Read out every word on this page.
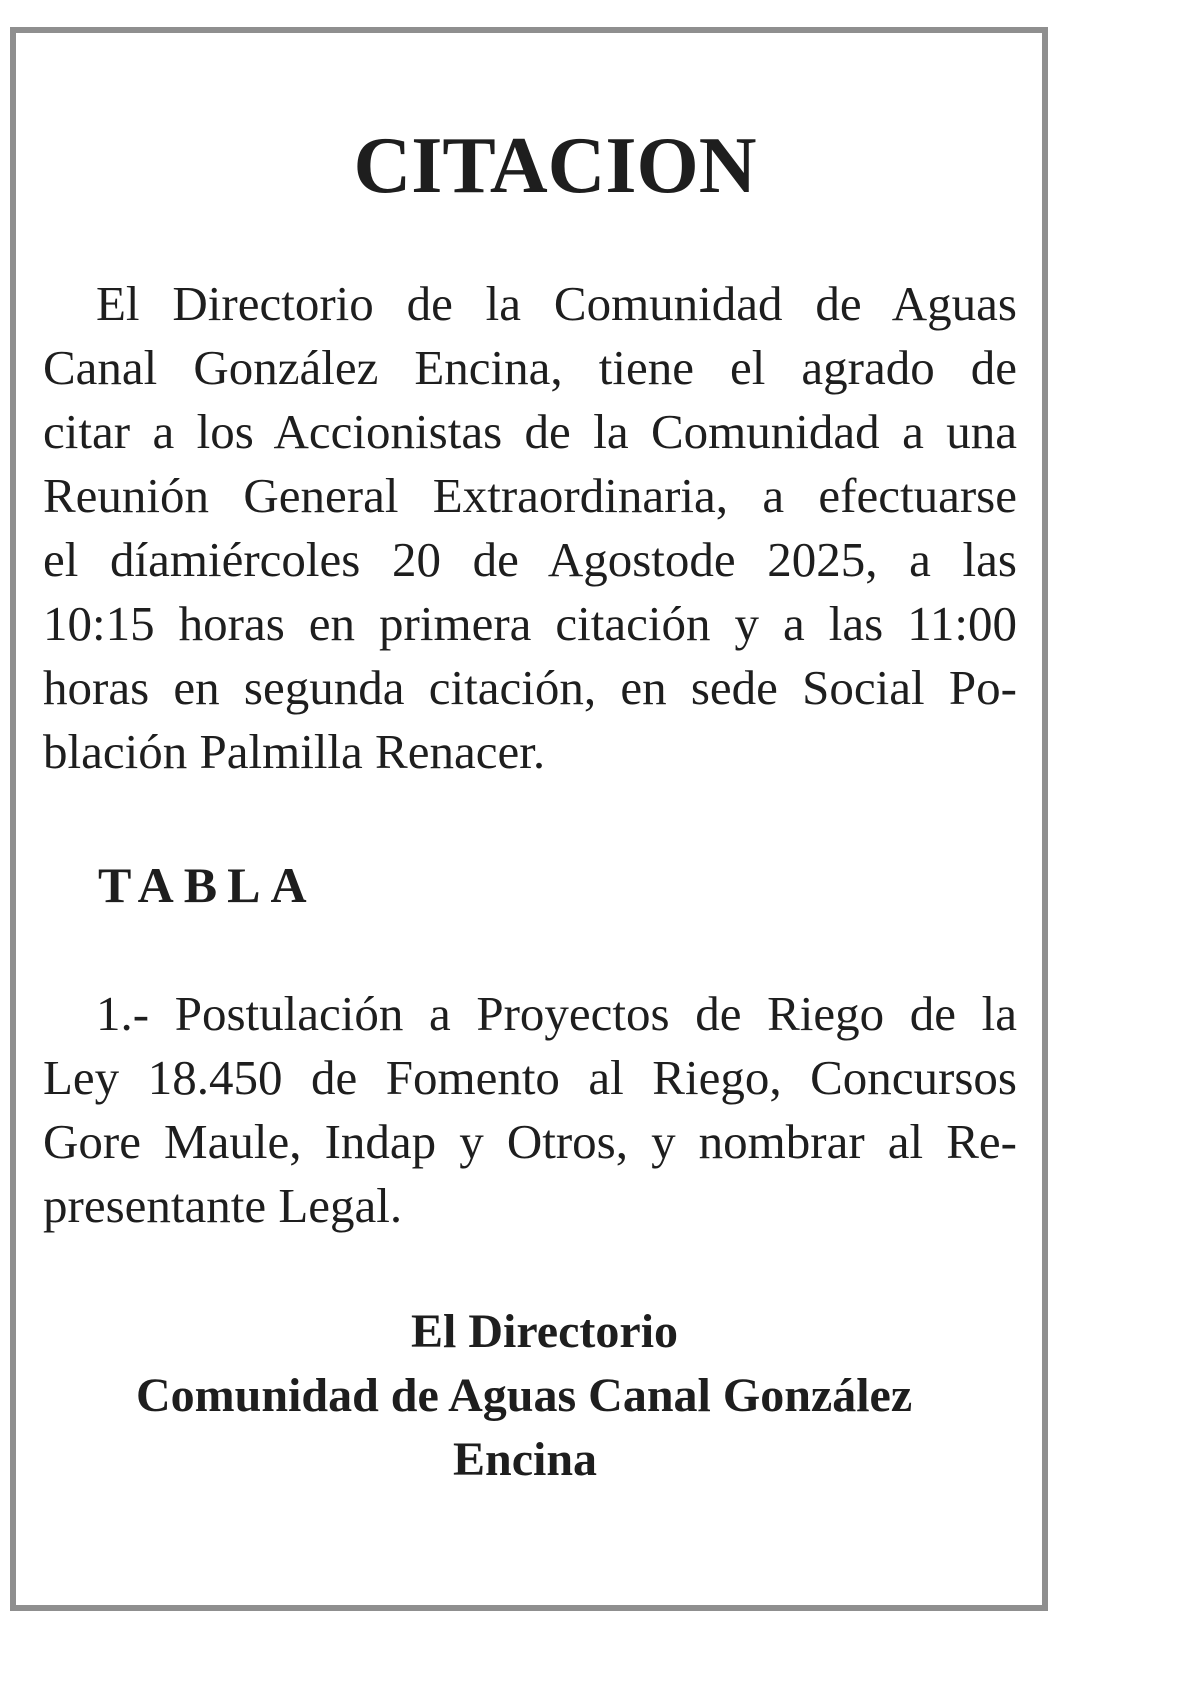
CITACION
El Directorio de la Comunidad de Aguas
Canal González Encina, tiene el agrado de
citar a los Accionistas de la Comunidad a una
Reunión General Extraordinaria, a efectuarse
el díamiércoles 20 de Agostode 2025, a las
10:15 horas en primera citación y a las 11:00
horas en segunda citación, en sede Social Po-
blación Palmilla Renacer.
TABLA
1.- Postulación a Proyectos de Riego de la
Ley 18.450 de Fomento al Riego, Concursos
Gore Maule, Indap y Otros, y nombrar al Re-
presentante Legal.
El Directorio
Comunidad de Aguas Canal González
Encina
